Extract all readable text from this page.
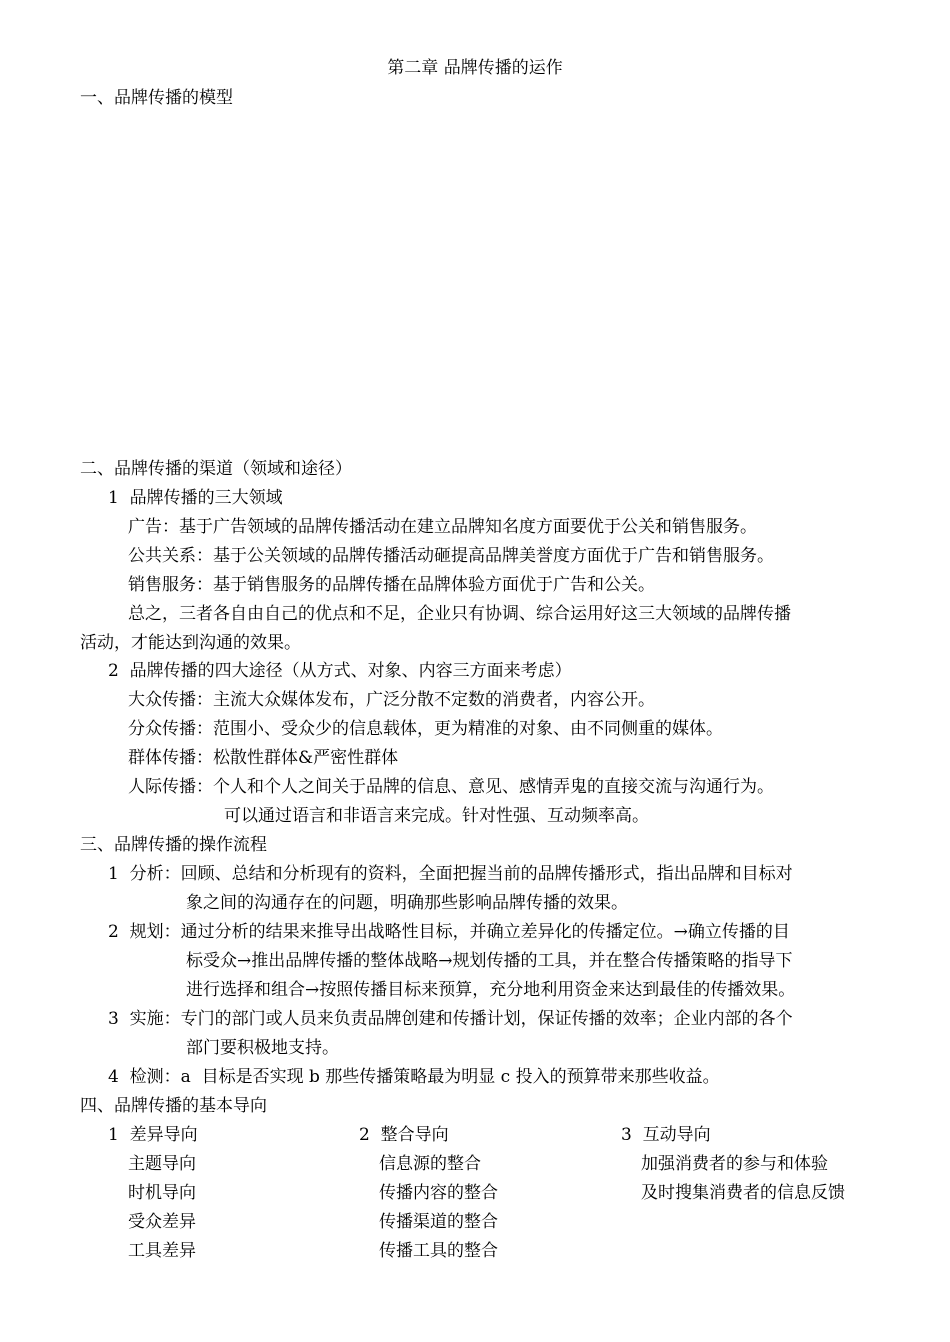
第二章 品牌传播的运作
一、品牌传播的模型
二、品牌传播的渠道（领域和途径）
1  品牌传播的三大领域
广告：基于广告领域的品牌传播活动在建立品牌知名度方面要优于公关和销售服务。
公共关系：基于公关领域的品牌传播活动砸提高品牌美誉度方面优于广告和销售服务。
销售服务：基于销售服务的品牌传播在品牌体验方面优于广告和公关。
总之，三者各自由自己的优点和不足，企业只有协调、综合运用好这三大领域的品牌传播
活动，才能达到沟通的效果。
2  品牌传播的四大途径（从方式、对象、内容三方面来考虑）
大众传播：主流大众媒体发布，广泛分散不定数的消费者，内容公开。
分众传播：范围小、受众少的信息载体，更为精准的对象、由不同侧重的媒体。
群体传播：松散性群体&严密性群体
人际传播：个人和个人之间关于品牌的信息、意见、感情弄鬼的直接交流与沟通行为。
可以通过语言和非语言来完成。针对性强、互动频率高。
三、品牌传播的操作流程
1  分析：回顾、总结和分析现有的资料，全面把握当前的品牌传播形式，指出品牌和目标对
象之间的沟通存在的问题，明确那些影响品牌传播的效果。
2  规划：通过分析的结果来推导出战略性目标，并确立差异化的传播定位。→确立传播的目
标受众→推出品牌传播的整体战略→规划传播的工具，并在整合传播策略的指导下
进行选择和组合→按照传播目标来预算，充分地利用资金来达到最佳的传播效果。
3  实施：专门的部门或人员来负责品牌创建和传播计划，保证传播的效率；企业内部的各个
部门要积极地支持。
4  检测：a  目标是否实现 b 那些传播策略最为明显 c 投入的预算带来那些收益。
四、品牌传播的基本导向
1  差异导向
主题导向
时机导向
受众差异
工具差异
2  整合导向
信息源的整合
传播内容的整合
传播渠道的整合
传播工具的整合
3  互动导向
加强消费者的参与和体验
及时搜集消费者的信息反馈
